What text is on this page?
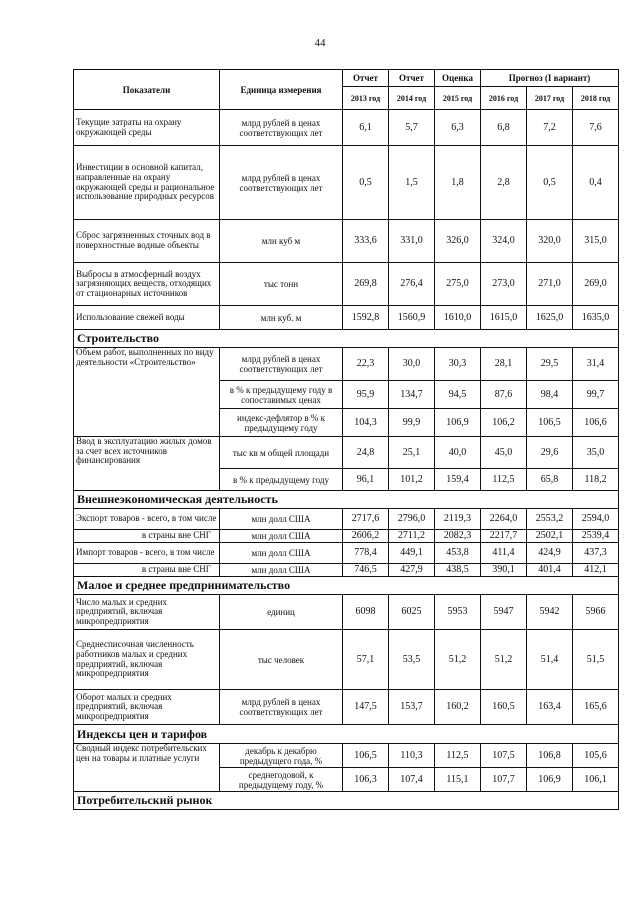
44
Показатели	Единица измерения	Отчет	Отчет	Оценка	Прогноз (I вариант)		
		2013 год	2014 год	2015 год	2016 год	2017 год	2018 год
Текущие затраты на охрану окружающей среды	млрд рублей в ценах соответствующих лет	6,1	5,7	6,3	6,8	7,2	7,6
Инвестиции в основной капитал, направленные на охрану окружающей среды и рациональное использование природных ресурсов	млрд рублей в ценах соответствующих лет	0,5	1,5	1,8	2,8	0,5	0,4
Сброс загрязненных сточных вод в поверхностные водные объекты	млн куб м	333,6	331,0	326,0	324,0	320,0	315,0
Выбросы в атмосферный воздух загрязняющих веществ, отходящих от стационарных источников	тыс тонн	269,8	276,4	275,0	273,0	271,0	269,0
Использование свежей воды	млн куб. м	1592,8	1560,9	1610,0	1615,0	1625,0	1635,0
Строительство							
Объем работ, выполненных по виду деятельности «Строительство»	млрд рублей в ценах соответствующих лет	22,3	30,0	30,3	28,1	29,5	31,4
	в % к предыдущему году в сопоставимых ценах	95,9	134,7	94,5	87,6	98,4	99,7
	индекс-дефлятор в % к предыдущему году	104,3	99,9	106,9	106,2	106,5	106,6
Ввод в эксплуатацию жилых домов за счет всех источников финансирования	тыс кв м общей площади	24,8	25,1	40,0	45,0	29,6	35,0
	в % к предыдущему году	96,1	101,2	159,4	112,5	65,8	118,2
Внешнеэкономическая деятельность							
Экспорт товаров - всего, в том числе	млн долл США	2717,6	2796,0	2119,3	2264,0	2553,2	2594,0
в страны вне СНГ	млн долл США	2606,2	2711,2	2082,3	2217,7	2502,1	2539,4
Импорт товаров - всего, в том числе	млн долл США	778,4	449,1	453,8	411,4	424,9	437,3
в страны вне СНГ	млн долл США	746,5	427,9	438,5	390,1	401,4	412,1
Малое и среднее предпринимательство							
Число малых и средних предприятий, включая микропредприятия	единиц	6098	6025	5953	5947	5942	5966
Среднесписочная численность работников малых и средних предприятий, включая микропредприятия	тыс человек	57,1	53,5	51,2	51,2	51,4	51,5
Оборот малых и средних предприятий, включая микропредприятия	млрд рублей в ценах соответствующих лет	147,5	153,7	160,2	160,5	163,4	165,6
Индексы цен и тарифов							
Сводный индекс потребительских цен на товары и платные услуги	декабрь к декабрю предыдущего года, %	106,5	110,3	112,5	107,5	106,8	105,6
	среднегодовой, к предыдущему году, %	106,3	107,4	115,1	107,7	106,9	106,1
Потребительский рынок							
